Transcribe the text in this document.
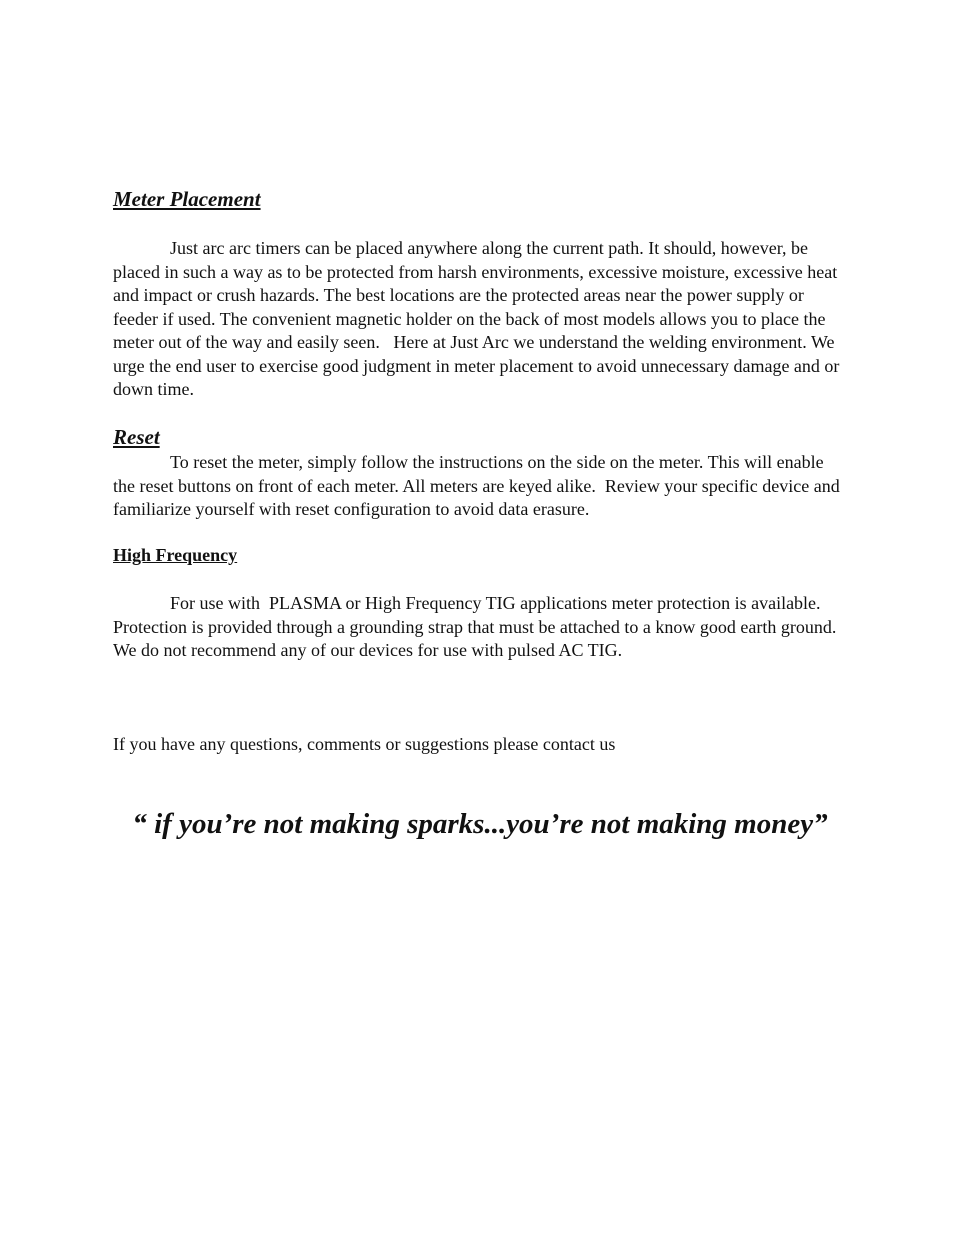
Meter Placement

Just arc arc timers can be placed anywhere along the current path. It should, however, be placed in such a way as to be protected from harsh environments, excessive moisture, excessive heat and impact or crush hazards. The best locations are the protected areas near the power supply or feeder if used. The convenient magnetic holder on the back of most models allows you to place the meter out of the way and easily seen.   Here at Just Arc we understand the welding environment. We urge the end user to exercise good judgment in meter placement to avoid unnecessary damage and or down time.

Reset

To reset the meter, simply follow the instructions on the side on the meter. This will enable the reset buttons on front of each meter. All meters are keyed alike.  Review your specific device and familiarize yourself with reset configuration to avoid data erasure.

High Frequency

For use with  PLASMA or High Frequency TIG applications meter protection is available. Protection is provided through a grounding strap that must be attached to a know good earth ground.  We do not recommend any of our devices for use with pulsed AC TIG.

If you have any questions, comments or suggestions please contact us

“ if you’re not making sparks...you’re not making money”
